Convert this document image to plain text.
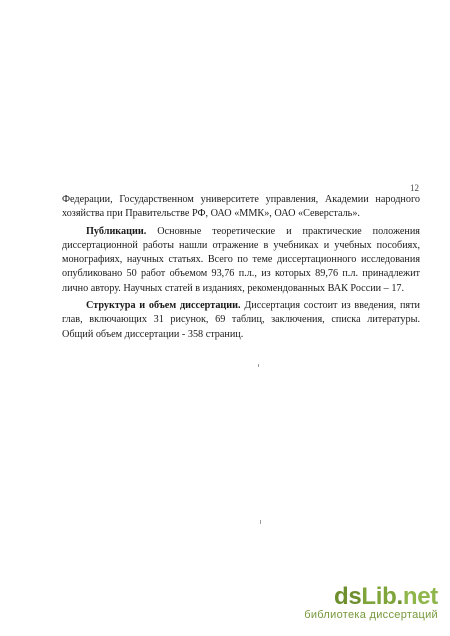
12

Федерации, Государственном университете управления, Академии народного хозяйства при Правительстве РФ, ОАО «ММК», ОАО «Северсталь».

Публикации. Основные теоретические и практические положения диссертационной работы нашли отражение в учебниках и учебных пособиях, монографиях, научных статьях. Всего по теме диссертационного исследования опубликовано 50 работ объемом 93,76 п.л., из которых 89,76 п.л. принадлежит лично автору. Научных статей в изданиях, рекомендованных ВАК России – 17.

Структура и объем диссертации. Диссертация состоит из введения, пяти глав, включающих 31 рисунок, 69 таблиц, заключения, списка литературы. Общий объем диссертации - 358 страниц.

dsLib.net
библиотека диссертаций
